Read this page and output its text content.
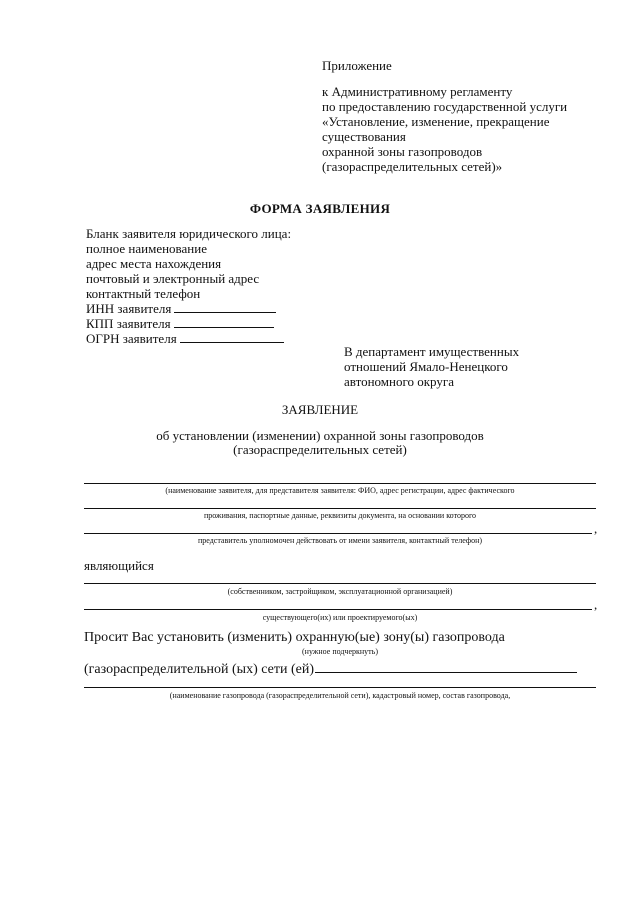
Приложение
к Административному регламенту
по предоставлению государственной услуги
«Установление, изменение, прекращение
существования
охранной зоны газопроводов
(газораспределительных сетей)»
ФОРМА ЗАЯВЛЕНИЯ
Бланк заявителя юридического лица:
полное наименование
адрес места нахождения
почтовый и электронный адрес
контактный телефон
ИНН заявителя
КПП заявителя
ОГРН заявителя
В департамент имущественных
отношений Ямало-Ненецкого
автономного округа
ЗАЯВЛЕНИЕ
об установлении (изменении) охранной зоны газопроводов
(газораспределительных сетей)
(наименование заявителя, для представителя заявителя: ФИО, адрес регистрации, адрес фактического
проживания, паспортные данные, реквизиты документа, на основании которого
,
представитель уполномочен действовать от имени заявителя, контактный телефон)
являющийся
(собственником, застройщиком, эксплуатационной организацией)
,
существующего(их) или проектируемого(ых)
Просит Вас установить (изменить) охранную(ые) зону(ы) газопровода
(нужное подчеркнуть)
(газораспределительной (ых) сети (ей)
(наименование газопровода (газораспределительной сети), кадастровый номер, состав газопровода,
